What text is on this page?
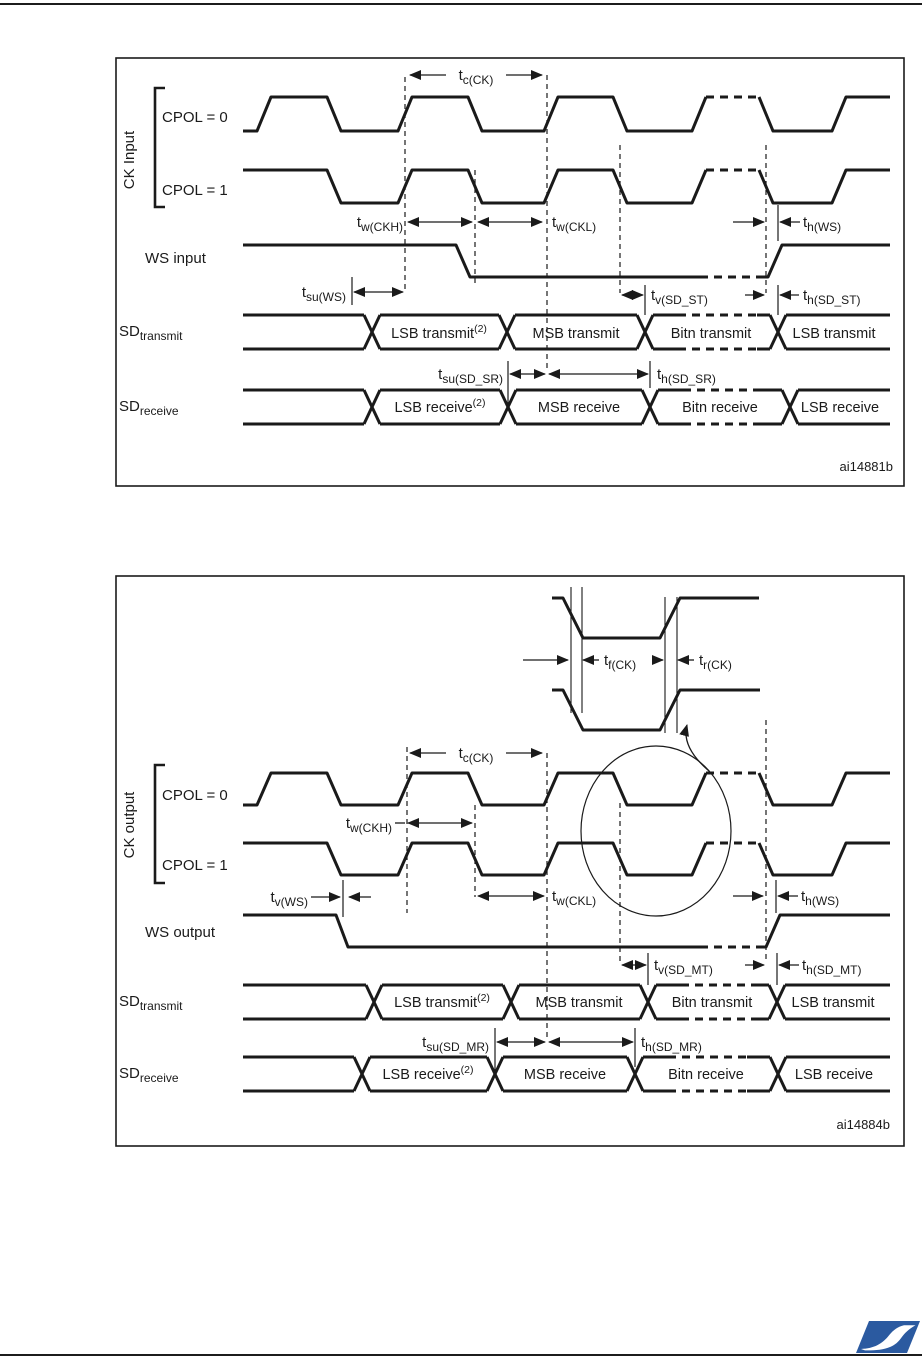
CK Input
CPOL = 0
CPOL = 1
WS input
$SD_{transmit}$
$SD_{receive}$
$t_{c(CK)}$
$t_{w(CKH)}$	$t_{w(CKL)}$	$t_{h(WS)}$
$t_{su(WS)}$	$t_{v(SD\_ST)}$	$t_{h(SD\_ST)}$
$t_{su(SD\_SR)}$	$t_{h(SD\_SR)}$
LSB transmit$^{(2)}$	MSB transmit	Bitn transmit	LSB transmit
LSB receive$^{(2)}$	MSB receive	Bitn receive	LSB receive
ai14881b
$t_{f(CK)}$	$t_{r(CK)}$
CK output CPOL = 0
CPOL = 1
WS output
$SD_{transmit}$
$SD_{receive}$
$t_{c(CK)}$
$t_{w(CKH)}$
$t_{w(CKL)}$
$t_{v(WS)}$	$t_{h(WS)}$
$t_{v(SD\_MT)}$	$t_{h(SD\_MT)}$
$t_{su(SD\_MR)}$	$t_{h(SD\_MR)}$
LSB transmit$^{(2)}$	MSB transmit	Bitn transmit	LSB transmit
LSB receive$^{(2)}$	MSB receive	Bitn receive	LSB receive
ai14884b
